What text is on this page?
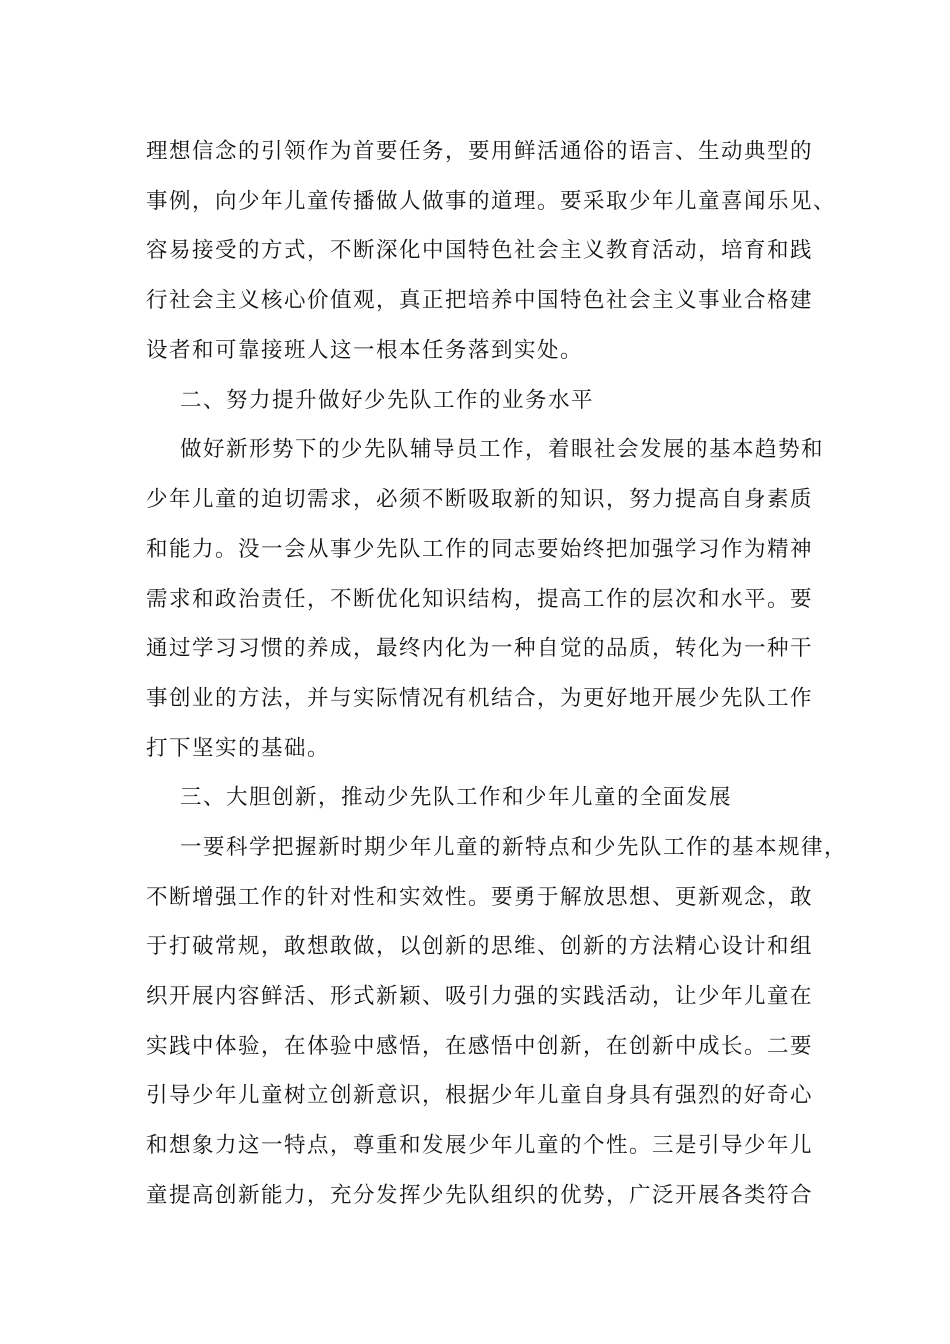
理想信念的引领作为首要任务，要用鲜活通俗的语言、生动典型的
事例，向少年儿童传播做人做事的道理。要采取少年儿童喜闻乐见、
容易接受的方式，不断深化中国特色社会主义教育活动，培育和践
行社会主义核心价值观，真正把培养中国特色社会主义事业合格建
设者和可靠接班人这一根本任务落到实处。
二、努力提升做好少先队工作的业务水平
做好新形势下的少先队辅导员工作，着眼社会发展的基本趋势和
少年儿童的迫切需求，必须不断吸取新的知识，努力提高自身素质
和能力。没一会从事少先队工作的同志要始终把加强学习作为精神
需求和政治责任，不断优化知识结构，提高工作的层次和水平。要
通过学习习惯的养成，最终内化为一种自觉的品质，转化为一种干
事创业的方法，并与实际情况有机结合，为更好地开展少先队工作
打下坚实的基础。
三、大胆创新，推动少先队工作和少年儿童的全面发展
一要科学把握新时期少年儿童的新特点和少先队工作的基本规律，
不断增强工作的针对性和实效性。要勇于解放思想、更新观念，敢
于打破常规，敢想敢做，以创新的思维、创新的方法精心设计和组
织开展内容鲜活、形式新颖、吸引力强的实践活动，让少年儿童在
实践中体验，在体验中感悟，在感悟中创新，在创新中成长。二要
引导少年儿童树立创新意识，根据少年儿童自身具有强烈的好奇心
和想象力这一特点，尊重和发展少年儿童的个性。三是引导少年儿
童提高创新能力，充分发挥少先队组织的优势，广泛开展各类符合
